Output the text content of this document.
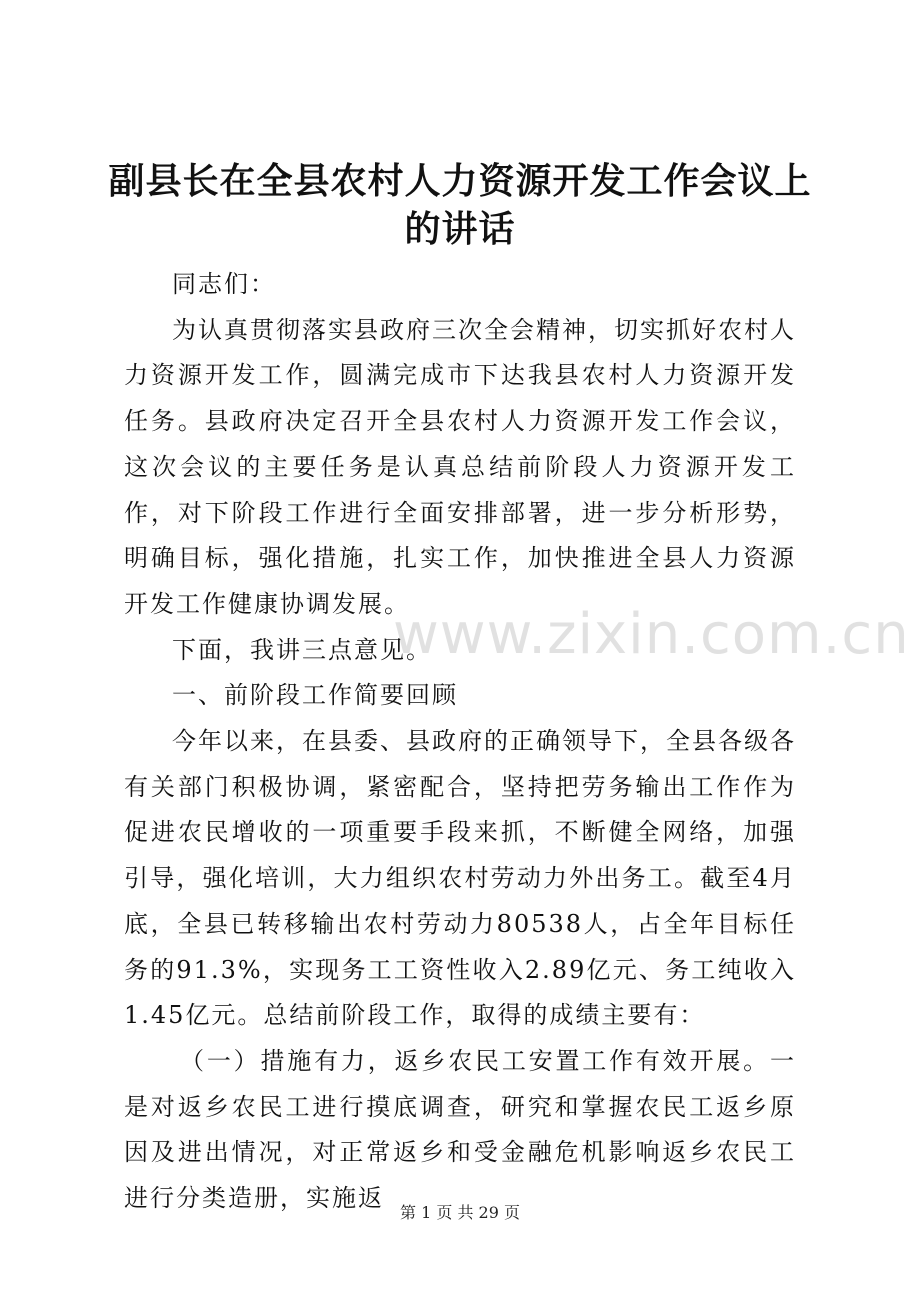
副县长在全县农村人力资源开发工作会议上的讲话

同志们：

为认真贯彻落实县政府三次全会精神，切实抓好农村人力资源开发工作，圆满完成市下达我县农村人力资源开发任务。县政府决定召开全县农村人力资源开发工作会议，这次会议的主要任务是认真总结前阶段人力资源开发工作，对下阶段工作进行全面安排部署，进一步分析形势，明确目标，强化措施，扎实工作，加快推进全县人力资源开发工作健康协调发展。

下面，我讲三点意见。

一、前阶段工作简要回顾

今年以来，在县委、县政府的正确领导下，全县各级各有关部门积极协调，紧密配合，坚持把劳务输出工作作为促进农民增收的一项重要手段来抓，不断健全网络，加强引导，强化培训，大力组织农村劳动力外出务工。截至4月底，全县已转移输出农村劳动力80538人，占全年目标任务的91.3%，实现务工工资性收入2.89亿元、务工纯收入1.45亿元。总结前阶段工作，取得的成绩主要有：

（一）措施有力，返乡农民工安置工作有效开展。一是对返乡农民工进行摸底调查，研究和掌握农民工返乡原因及进出情况，对正常返乡和受金融危机影响返乡农民工进行分类造册，实施返

www.zixin.com.cn
第 1 页 共 29 页
